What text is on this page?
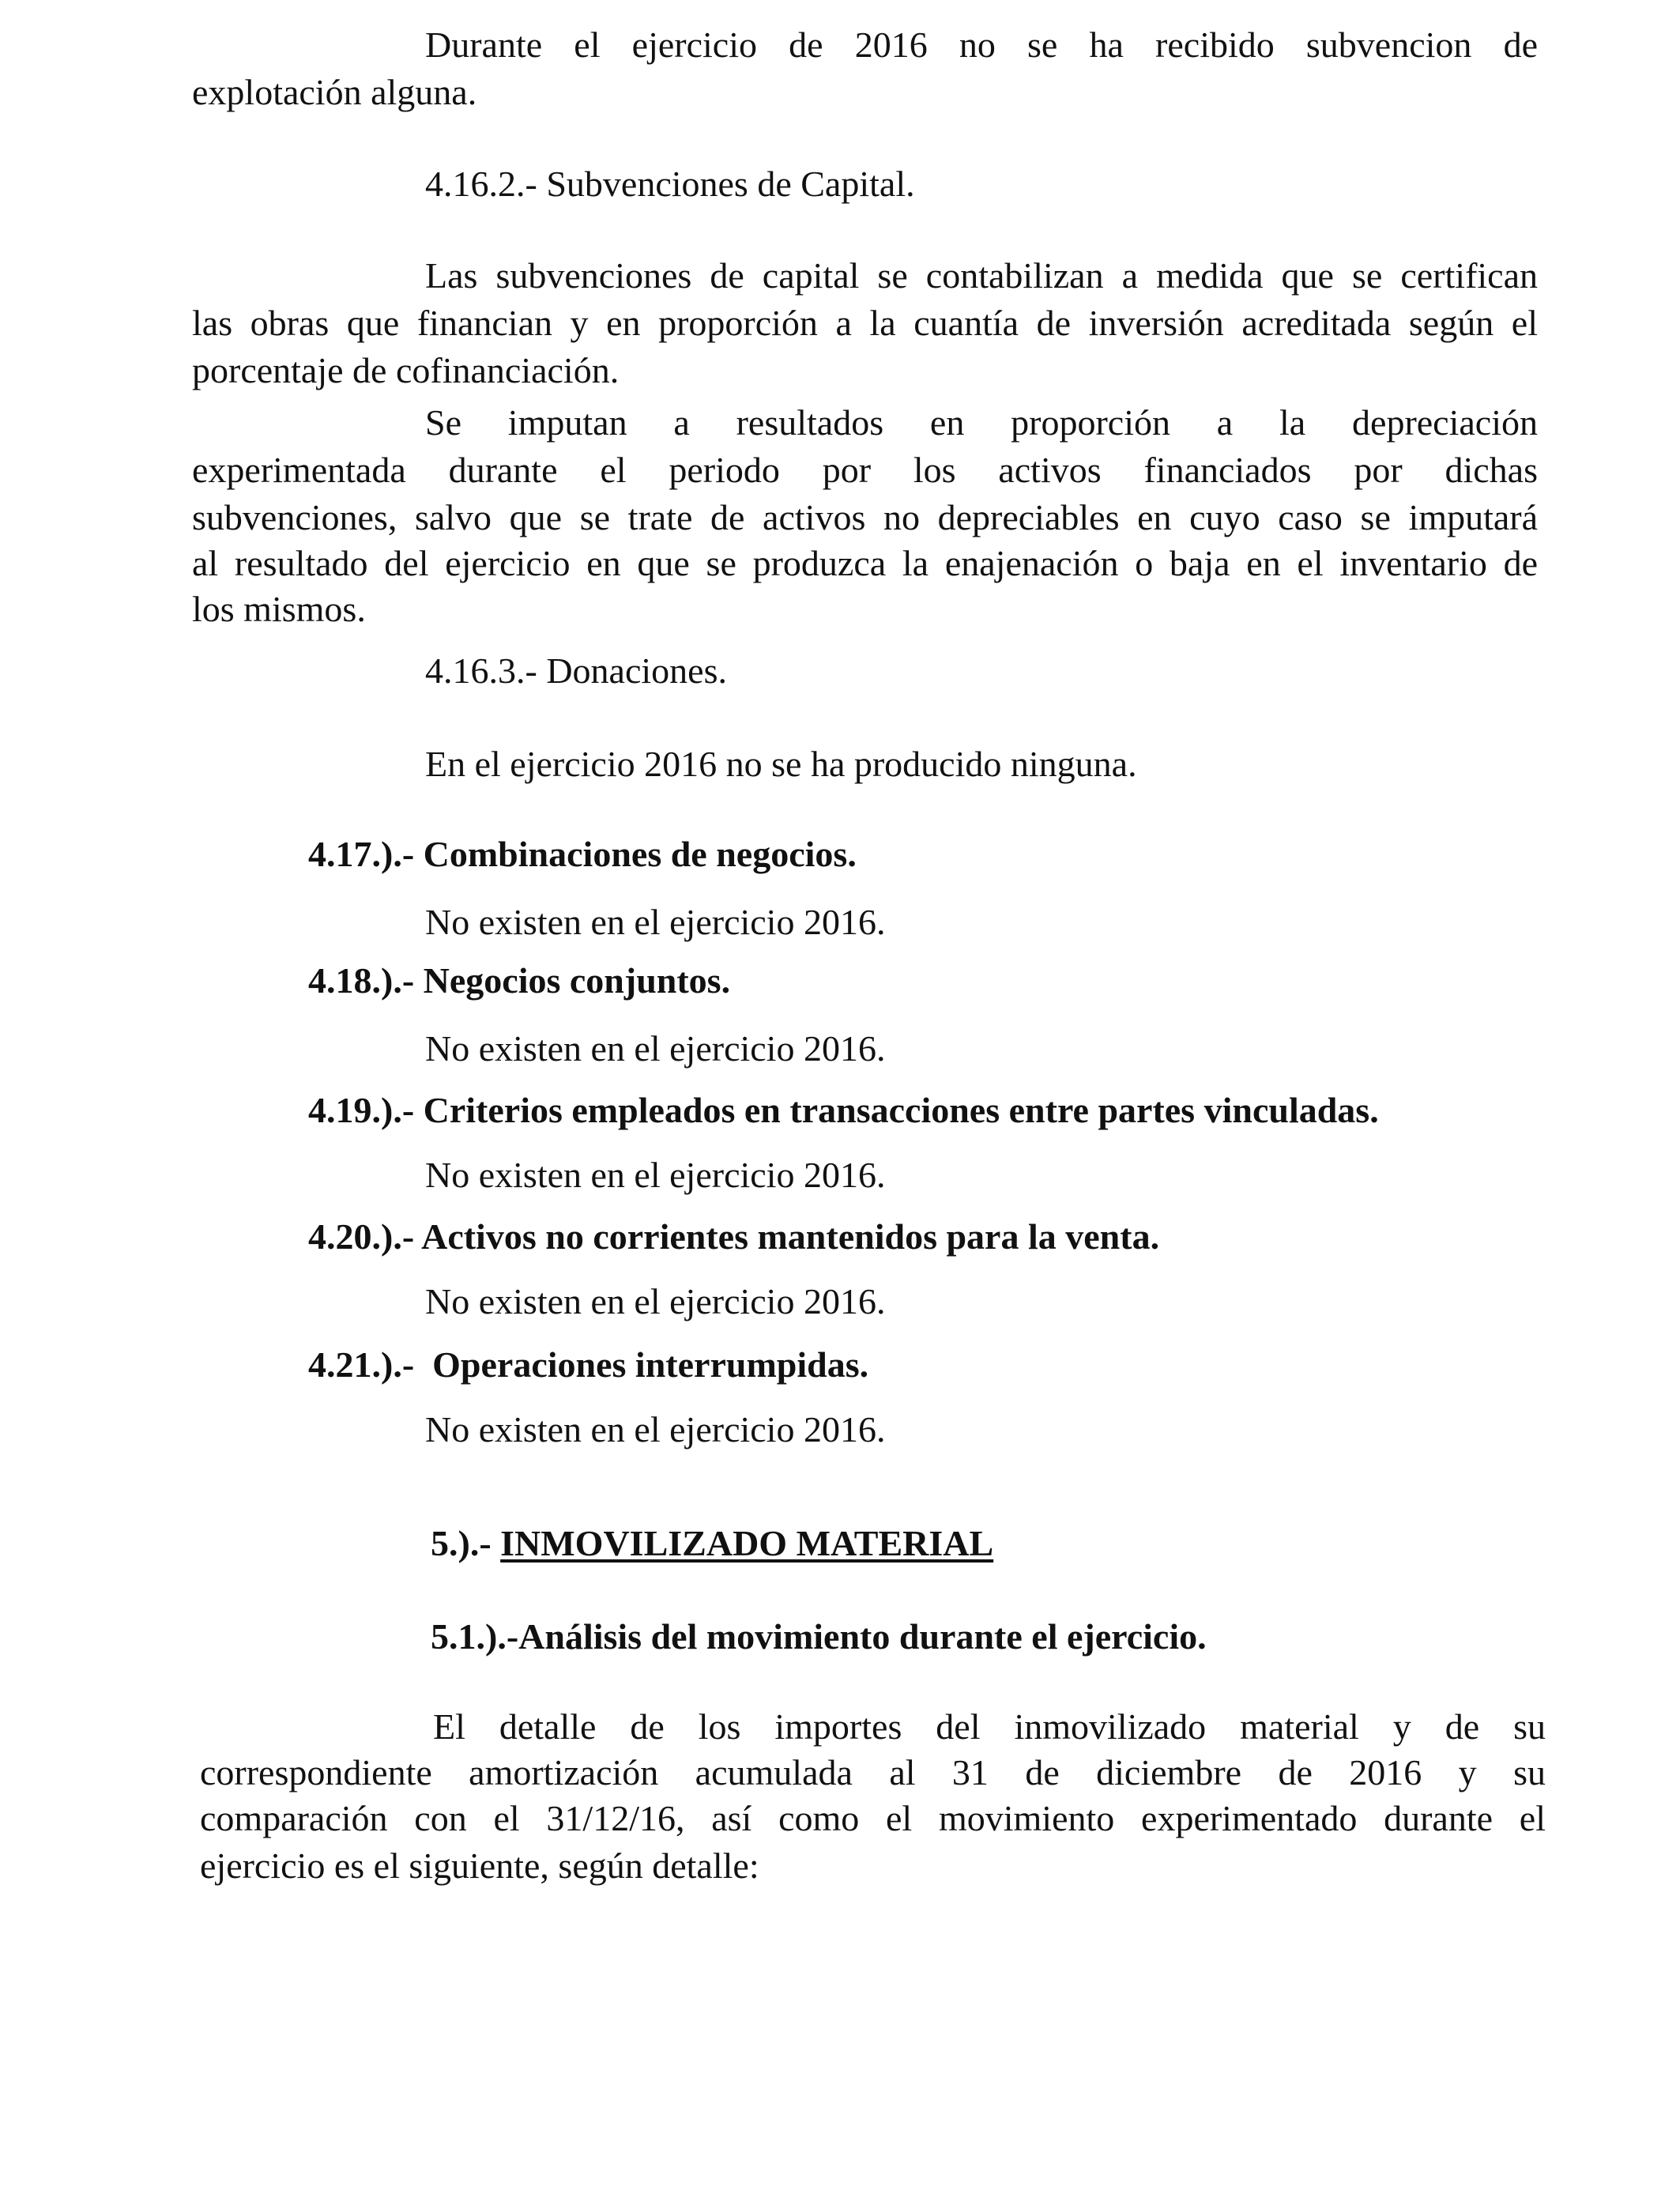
Durante el ejercicio de 2016 no se ha recibido subvencion de

explotación alguna.

4.16.2.- Subvenciones de Capital.

Las subvenciones de capital se contabilizan a medida que se certifican

las obras que financian y en proporción a la cuantía de inversión acreditada según el

porcentaje de cofinanciación.

Se imputan a resultados en proporción a la depreciación

experimentada durante el periodo por los activos financiados por dichas

subvenciones, salvo que se trate de activos no depreciables en cuyo caso se imputará

al resultado del ejercicio en que se produzca la enajenación o baja en el inventario de

los mismos.

4.16.3.- Donaciones.

En el ejercicio 2016 no se ha producido ninguna.

4.17.).- Combinaciones de negocios.

No existen en el ejercicio 2016.

4.18.).- Negocios conjuntos.

No existen en el ejercicio 2016.

4.19.).- Criterios empleados en transacciones entre partes vinculadas.

No existen en el ejercicio 2016.

4.20.).- Activos no corrientes mantenidos para la venta.

No existen en el ejercicio 2016.

4.21.).-  Operaciones interrumpidas.

No existen en el ejercicio 2016.

5.).- INMOVILIZADO MATERIAL

5.1.).-Análisis del movimiento durante el ejercicio.

El detalle de los importes del inmovilizado material y de su

correspondiente amortización acumulada al 31 de diciembre de 2016 y su

comparación con el 31/12/16, así como el movimiento experimentado durante el

ejercicio es el siguiente, según detalle:
